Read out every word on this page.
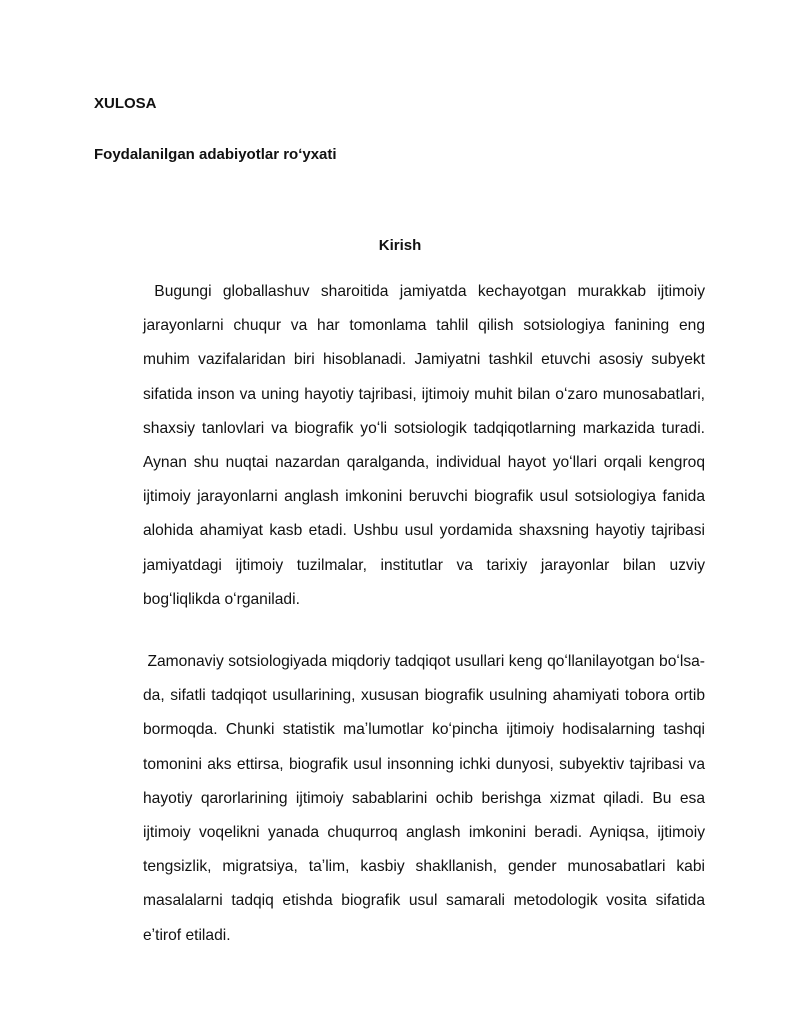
XULOSA
Foydalanilgan adabiyotlar roʻyxati
Kirish

Bugungi globallashuv sharoitida jamiyatda kechayotgan murakkab ijtimoiy jarayonlarni chuqur va har tomonlama tahlil qilish sotsiologiya fanining eng muhim vazifalaridan biri hisoblanadi. Jamiyatni tashkil etuvchi asosiy subyekt sifatida inson va uning hayotiy tajribasi, ijtimoiy muhit bilan oʻzaro munosabatlari, shaxsiy tanlovlari va biografik yoʻli sotsiologik tadqiqotlarning markazida turadi. Aynan shu nuqtai nazardan qaralganda, individual hayot yoʻllari orqali kengroq ijtimoiy jarayonlarni anglash imkonini beruvchi biografik usul sotsiologiya fanida alohida ahamiyat kasb etadi. Ushbu usul yordamida shaxsning hayotiy tajribasi jamiyatdagi ijtimoiy tuzilmalar, institutlar va tarixiy jarayonlar bilan uzviy bogʻliqlikda oʻrganiladi.

Zamonaviy sotsiologiyada miqdoriy tadqiqot usullari keng qoʻllanilayotgan boʻlsa-da, sifatli tadqiqot usullarining, xususan biografik usulning ahamiyati tobora ortib bormoqda. Chunki statistik maʼlumotlar koʻpincha ijtimoiy hodisalarning tashqi tomonini aks ettirsa, biografik usul insonning ichki dunyosi, subyektiv tajribasi va hayotiy qarorlarining ijtimoiy sabablarini ochib berishga xizmat qiladi. Bu esa ijtimoiy voqelikni yanada chuqurroq anglash imkonini beradi. Ayniqsa, ijtimoiy tengsizlik, migratsiya, taʼlim, kasbiy shakllanish, gender munosabatlari kabi masalalarni tadqiq etishda biografik usul samarali metodologik vosita sifatida eʼtirof etiladi.
